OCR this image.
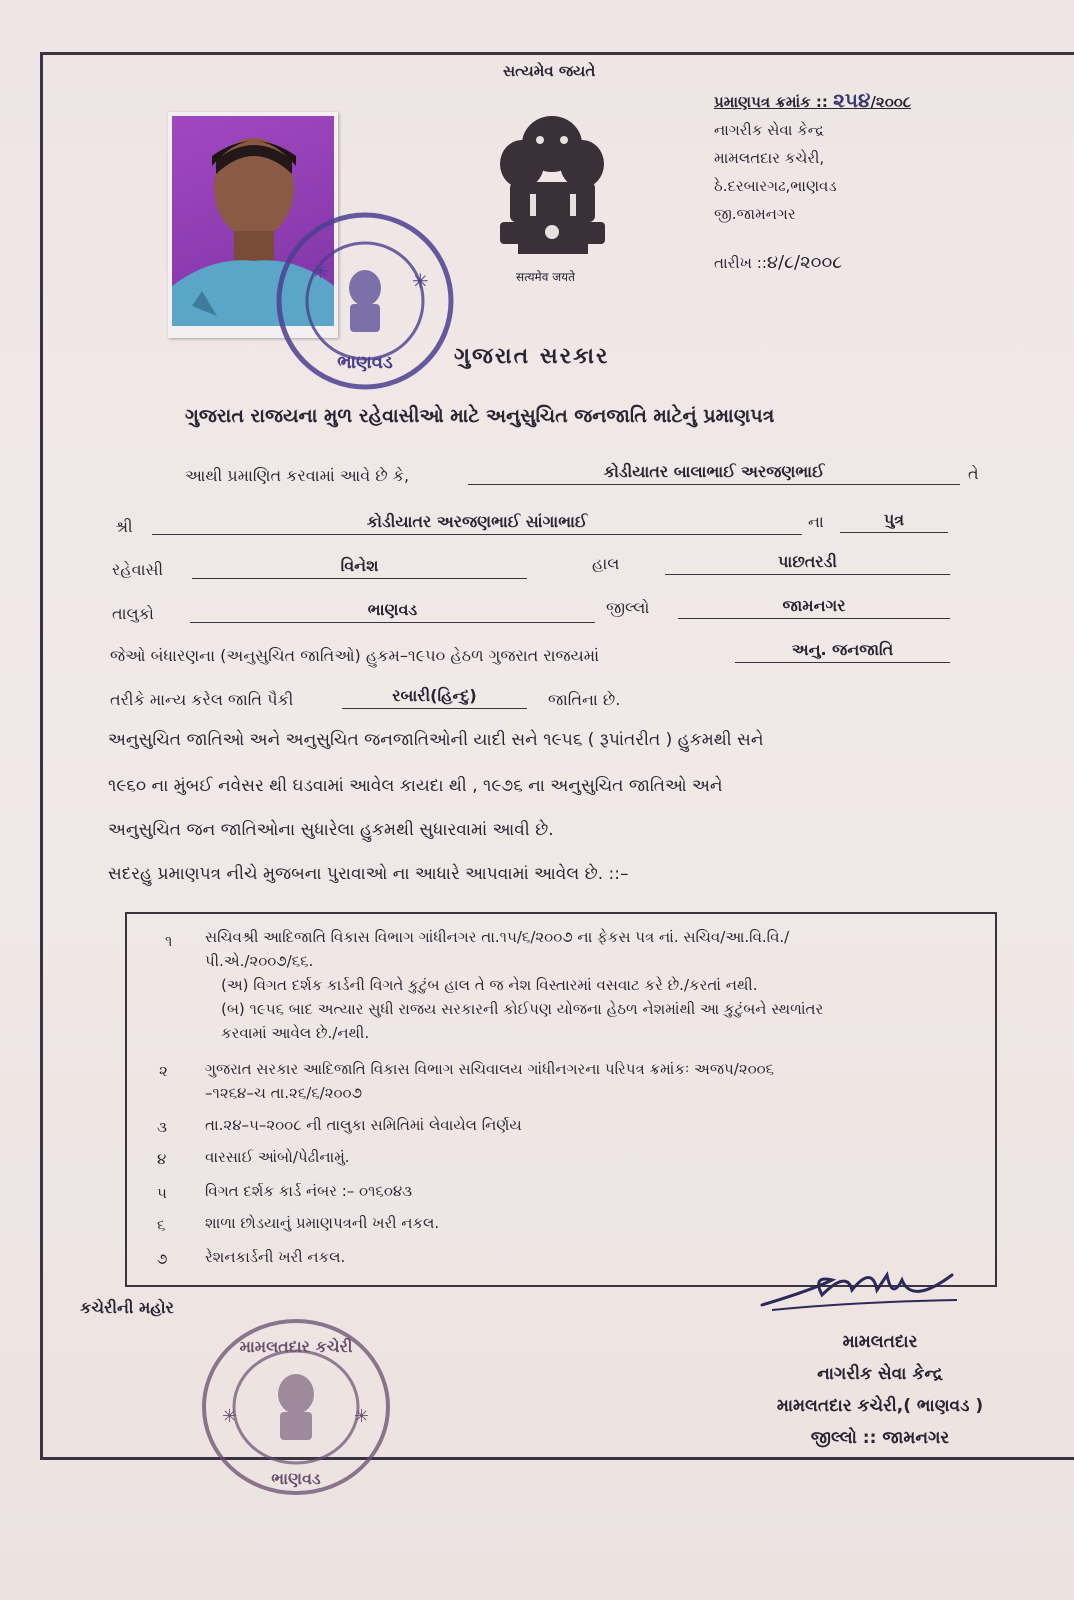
સત્યમેવ જયતે
सत्यमेव जयते
ભાણવડ
✳	✳
પ્રમાણપત્ર ક્રમાંક :: ૨૫૪/૨૦૦૮
નાગરીક સેવા કેન્દ્ર
મામલતદાર કચેરી,
ઠે.દરબારગઢ,ભાણવડ
જી.જામનગર
તારીખ ::૪/૮/૨૦૦૮
ગુજરાત સરકાર
ગુજરાત રાજયના મુળ રહેવાસીઓ માટે અનુસુચિત જનજાતિ માટેનું પ્રમાણપત્ર
આથી પ્રમાણિત કરવામાં આવે છે કે,	કોડીયાતર બાલાભાઈ અરજણભાઈ	તે
શ્રી	કોડીયાતર અરજણભાઈ સાંગાભાઈ	ના	પુત્ર
રહેવાસી	વિનેશ	હાલ	પાછતરડી
તાલુકો	ભાણવડ	જીલ્લો	જામનગર
જેઓ બંધારણના (અનુસુચિત જાતિઓ) હુકમ–૧૯૫૦ હેઠળ ગુજરાત રાજયમાં	અનુ. જનજાતિ
તરીકે માન્ય કરેલ જાતિ પૈકી	રબારી(હિન્દુ)	જાતિના છે.
અનુસુચિત જાતિઓ અને અનુસુચિત જનજાતિઓની યાદી સને ૧૯૫૬ ( રૂપાંતરીત ) હુકમથી સને
૧૯૬૦ ના મુંબઈ નવેસર થી ઘડવામાં આવેલ કાયદા થી , ૧૯૭૬ ના અનુસુચિત જાતિઓ અને
અનુસુચિત જન જાતિઓના સુધારેલા હુકમથી સુધારવામાં આવી છે.
સદરહુ પ્રમાણપત્ર નીચે મુજબના પુરાવાઓ ના આધારે આપવામાં આવેલ છે. ::–
૧ સચિવશ્રી આદિજાતિ વિકાસ વિભાગ ગાંધીનગર તા.૧૫/૬/૨૦૦૭ ના ફેકસ પત્ર નાં. સચિવ/આ.વિ.વિ./
પી.એ./૨૦૦૭/૬૬.
(અ) વિગત દર્શક કાર્ડની વિગતે કુટુંબ હાલ તે જ નેશ વિસ્તારમાં વસવાટ કરે છે./કરતાં નથી.
(બ) ૧૯૫૬ બાદ અત્યાર સુધી રાજય સરકારની કોઈપણ યોજના હેઠળ નેશમાંથી આ કુટુંબને સ્થળાંતર
કરવામાં આવેલ છે./નથી.
૨ ગુજરાત સરકાર આદિજાતિ વિકાસ વિભાગ સચિવાલય ગાંધીનગરના પરિપત્ર ક્રમાંકઃ અજપ/૨૦૦૬
–૧૨૬૪–ચ તા.૨૬/૬/૨૦૦૭
૩	તા.૨૪–૫–૨૦૦૮ ની તાલુકા સમિતિમાં લેવાયેલ નિર્ણય
૪	વારસાઈ આંબો/પેઢીનામું.
૫	વિગત દર્શક કાર્ડ નંબર :– ૦૧૬૦૪૩
૬	શાળા છોડયાનું પ્રમાણપત્રની ખરી નકલ.
૭	રેશનકાર્ડની ખરી નકલ.
કચેરીની મહોર
મામલતદાર કચેરી
ભાણવડ
✳	✳
મામલતદાર
નાગરીક સેવા કેન્દ્ર
મામલતદાર કચેરી,( ભાણવડ )
જીલ્લો :: જામનગર
